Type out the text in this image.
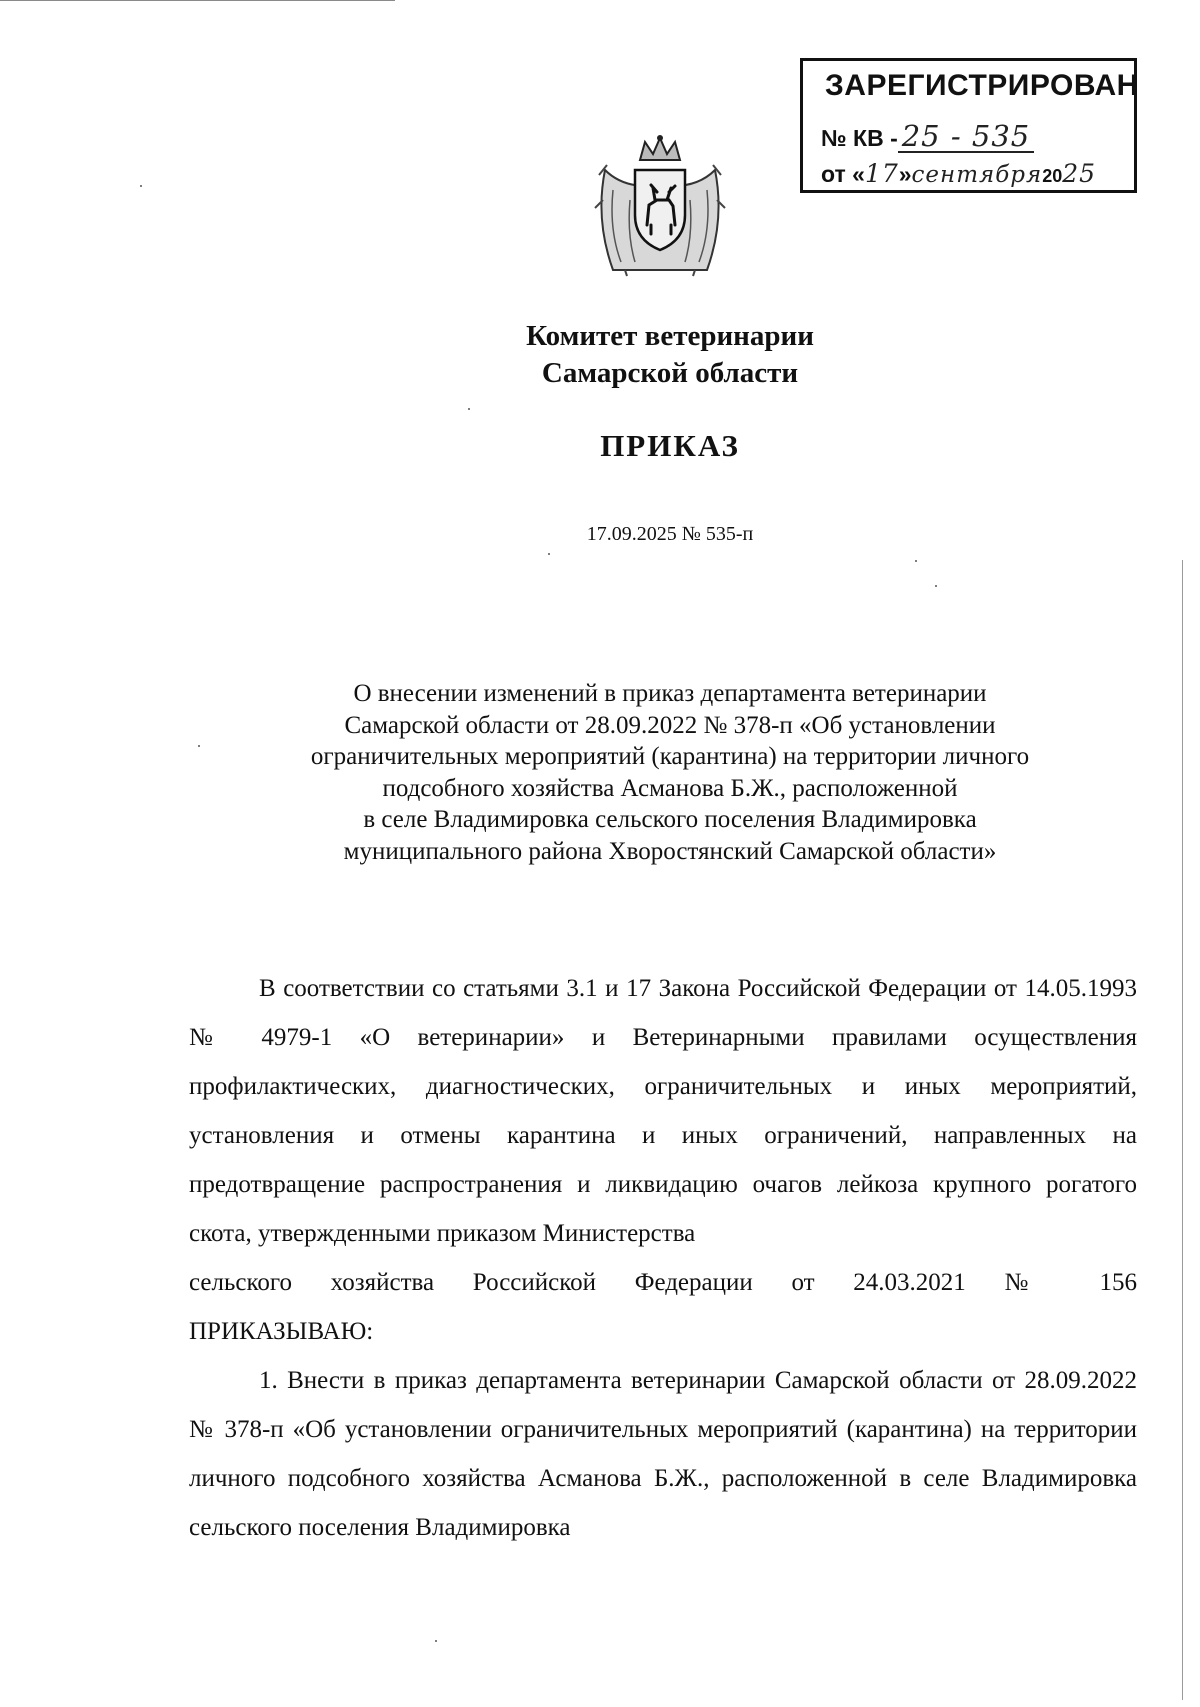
ЗАРЕГИСТРИРОВАН
№ КВ - 25 - 535
от «17»сентября2025
Комитет ветеринарии
Самарской области
ПРИКАЗ
17.09.2025 № 535-п
О внесении изменений в приказ департамента ветеринарии
Самарской области от 28.09.2022 № 378-п «Об установлении
ограничительных мероприятий (карантина) на территории личного
подсобного хозяйства Асманова Б.Ж., расположенной
в селе Владимировка сельского поселения Владимировка
муниципального района Хворостянский Самарской области»

В соответствии со статьями 3.1 и 17 Закона Российской Федерации от 14.05.1993 № 4979-1 «О ветеринарии» и Ветеринарными правилами осуществления профилактических, диагностических, ограничительных и иных мероприятий, установления и отмены карантина и иных ограничений, направленных на предотвращение распространения и ликвидацию очагов лейкоза крупного рогатого скота, утвержденными приказом Министерства

сельского хозяйства Российской Федерации от 24.03.2021 № 156

ПРИКАЗЫВАЮ:

1. Внести в приказ департамента ветеринарии Самарской области от 28.09.2022 № 378-п «Об установлении ограничительных мероприятий (карантина) на территории личного подсобного хозяйства Асманова Б.Ж., расположенной в селе Владимировка сельского поселения Владимировка
